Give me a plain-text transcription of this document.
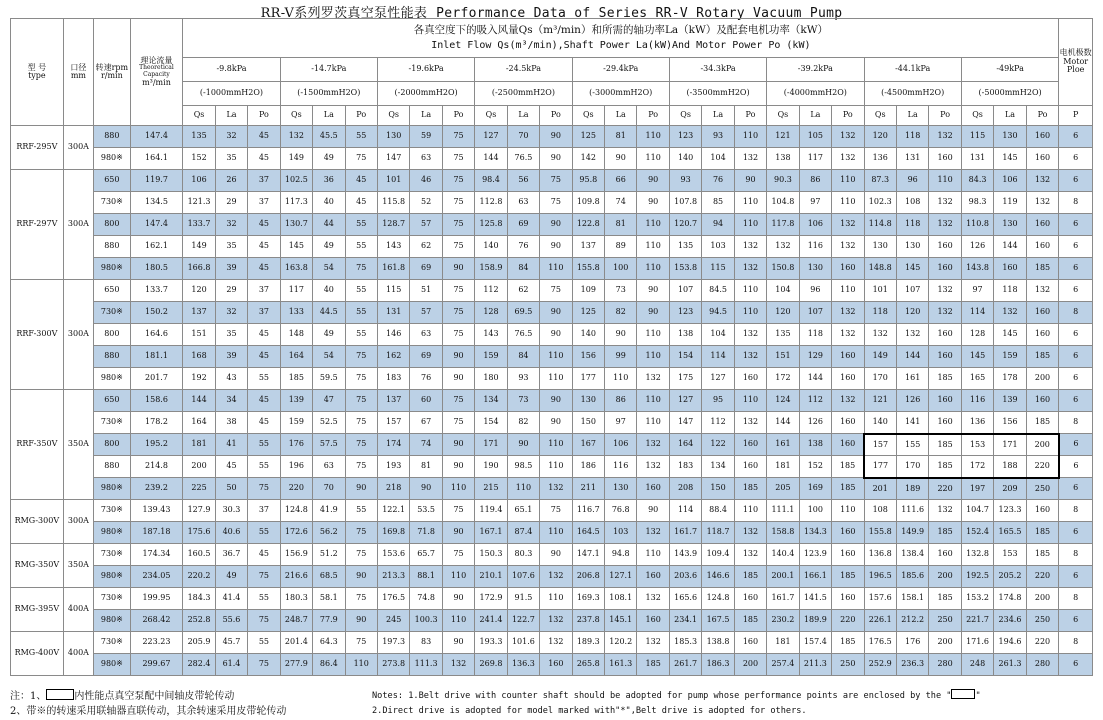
RR-V系列罗茨真空泵性能表 Performance Data of Series RR-V Rotary Vacuum Pump
型 号
type	口径
mm	转速rpm
r/min	理论流量
Theoretical
Capacity
m³/min	各真空度下的吸入风量Qs（m³/min）和所需的轴功率La（kW）及配套电机功率（kW）
Inlet Flow Qs(m³/min),Shaft Power La(kW)And Motor Power Po (kW)																											电机极数
Motor
Ploe
				-9.8kPa			-14.7kPa			-19.6kPa			-24.5kPa			-29.4kPa			-34.3kPa			-39.2kPa			-44.1kPa			-49kPa			
				(-1000mmH2O)			(-1500mmH2O)			(-2000mmH2O)			(-2500mmH2O)			(-3000mmH2O)			(-3500mmH2O)			(-4000mmH2O)			(-4500mmH2O)			(-5000mmH2O)			
				Qs	La	Po	Qs	La	Po	Qs	La	Po	Qs	La	Po	Qs	La	Po	Qs	La	Po	Qs	La	Po	Qs	La	Po	Qs	La	Po	P
RRF-295V	300A	880	147.4	135	32	45	132	45.5	55	130	59	75	127	70	90	125	81	110	123	93	110	121	105	132	120	118	132	115	130	160	6
		980※	164.1	152	35	45	149	49	75	147	63	75	144	76.5	90	142	90	110	140	104	132	138	117	132	136	131	160	131	145	160	6
RRF-297V	300A	650	119.7	106	26	37	102.5	36	45	101	46	75	98.4	56	75	95.8	66	90	93	76	90	90.3	86	110	87.3	96	110	84.3	106	132	6
		730※	134.5	121.3	29	37	117.3	40	45	115.8	52	75	112.8	63	75	109.8	74	90	107.8	85	110	104.8	97	110	102.3	108	132	98.3	119	132	8
		800	147.4	133.7	32	45	130.7	44	55	128.7	57	75	125.8	69	90	122.8	81	110	120.7	94	110	117.8	106	132	114.8	118	132	110.8	130	160	6
		880	162.1	149	35	45	145	49	55	143	62	75	140	76	90	137	89	110	135	103	132	132	116	132	130	130	160	126	144	160	6
		980※	180.5	166.8	39	45	163.8	54	75	161.8	69	90	158.9	84	110	155.8	100	110	153.8	115	132	150.8	130	160	148.8	145	160	143.8	160	185	6
RRF-300V	300A	650	133.7	120	29	37	117	40	55	115	51	75	112	62	75	109	73	90	107	84.5	110	104	96	110	101	107	132	97	118	132	6
		730※	150.2	137	32	37	133	44.5	55	131	57	75	128	69.5	90	125	82	90	123	94.5	110	120	107	132	118	120	132	114	132	160	8
		800	164.6	151	35	45	148	49	55	146	63	75	143	76.5	90	140	90	110	138	104	132	135	118	132	132	132	160	128	145	160	6
		880	181.1	168	39	45	164	54	75	162	69	90	159	84	110	156	99	110	154	114	132	151	129	160	149	144	160	145	159	185	6
		980※	201.7	192	43	55	185	59.5	75	183	76	90	180	93	110	177	110	132	175	127	160	172	144	160	170	161	185	165	178	200	6
RRF-350V	350A	650	158.6	144	34	45	139	47	75	137	60	75	134	73	90	130	86	110	127	95	110	124	112	132	121	126	160	116	139	160	6
		730※	178.2	164	38	45	159	52.5	75	157	67	75	154	82	90	150	97	110	147	112	132	144	126	160	140	141	160	136	156	185	8
		800	195.2	181	41	55	176	57.5	75	174	74	90	171	90	110	167	106	132	164	122	160	161	138	160	157	155	185	153	171	200	6
		880	214.8	200	45	55	196	63	75	193	81	90	190	98.5	110	186	116	132	183	134	160	181	152	185	177	170	185	172	188	220	6
		980※	239.2	225	50	75	220	70	90	218	90	110	215	110	132	211	130	160	208	150	185	205	169	185	201	189	220	197	209	250	6
RMG-300V	300A	730※	139.43	127.9	30.3	37	124.8	41.9	55	122.1	53.5	75	119.4	65.1	75	116.7	76.8	90	114	88.4	110	111.1	100	110	108	111.6	132	104.7	123.3	160	8
		980※	187.18	175.6	40.6	55	172.6	56.2	75	169.8	71.8	90	167.1	87.4	110	164.5	103	132	161.7	118.7	132	158.8	134.3	160	155.8	149.9	185	152.4	165.5	185	6
RMG-350V	350A	730※	174.34	160.5	36.7	45	156.9	51.2	75	153.6	65.7	75	150.3	80.3	90	147.1	94.8	110	143.9	109.4	132	140.4	123.9	160	136.8	138.4	160	132.8	153	185	8
		980※	234.05	220.2	49	75	216.6	68.5	90	213.3	88.1	110	210.1	107.6	132	206.8	127.1	160	203.6	146.6	185	200.1	166.1	185	196.5	185.6	200	192.5	205.2	220	6
RMG-395V	400A	730※	199.95	184.3	41.4	55	180.3	58.1	75	176.5	74.8	90	172.9	91.5	110	169.3	108.1	132	165.6	124.8	160	161.7	141.5	160	157.6	158.1	185	153.2	174.8	200	8
		980※	268.42	252.8	55.6	75	248.7	77.9	90	245	100.3	110	241.4	122.7	132	237.8	145.1	160	234.1	167.5	185	230.2	189.9	220	226.1	212.2	250	221.7	234.6	250	6
RMG-400V	400A	730※	223.23	205.9	45.7	55	201.4	64.3	75	197.3	83	90	193.3	101.6	132	189.3	120.2	132	185.3	138.8	160	181	157.4	185	176.5	176	200	171.6	194.6	220	8
		980※	299.67	282.4	61.4	75	277.9	86.4	110	273.8	111.3	132	269.8	136.3	160	265.8	161.3	185	261.7	186.3	200	257.4	211.3	250	252.9	236.3	280	248	261.3	280	6
注：1、	内性能点真空泵配中间轴皮带轮传动
2、带※的转速采用联轴器直联传动，其余转速采用皮带轮传动
Notes: 1.Belt drive with counter shaft should be adopted for pump whose performance points are enclosed by the "	"
2.Direct drive is adopted for model marked with"*",Belt drive is adopted for others.
